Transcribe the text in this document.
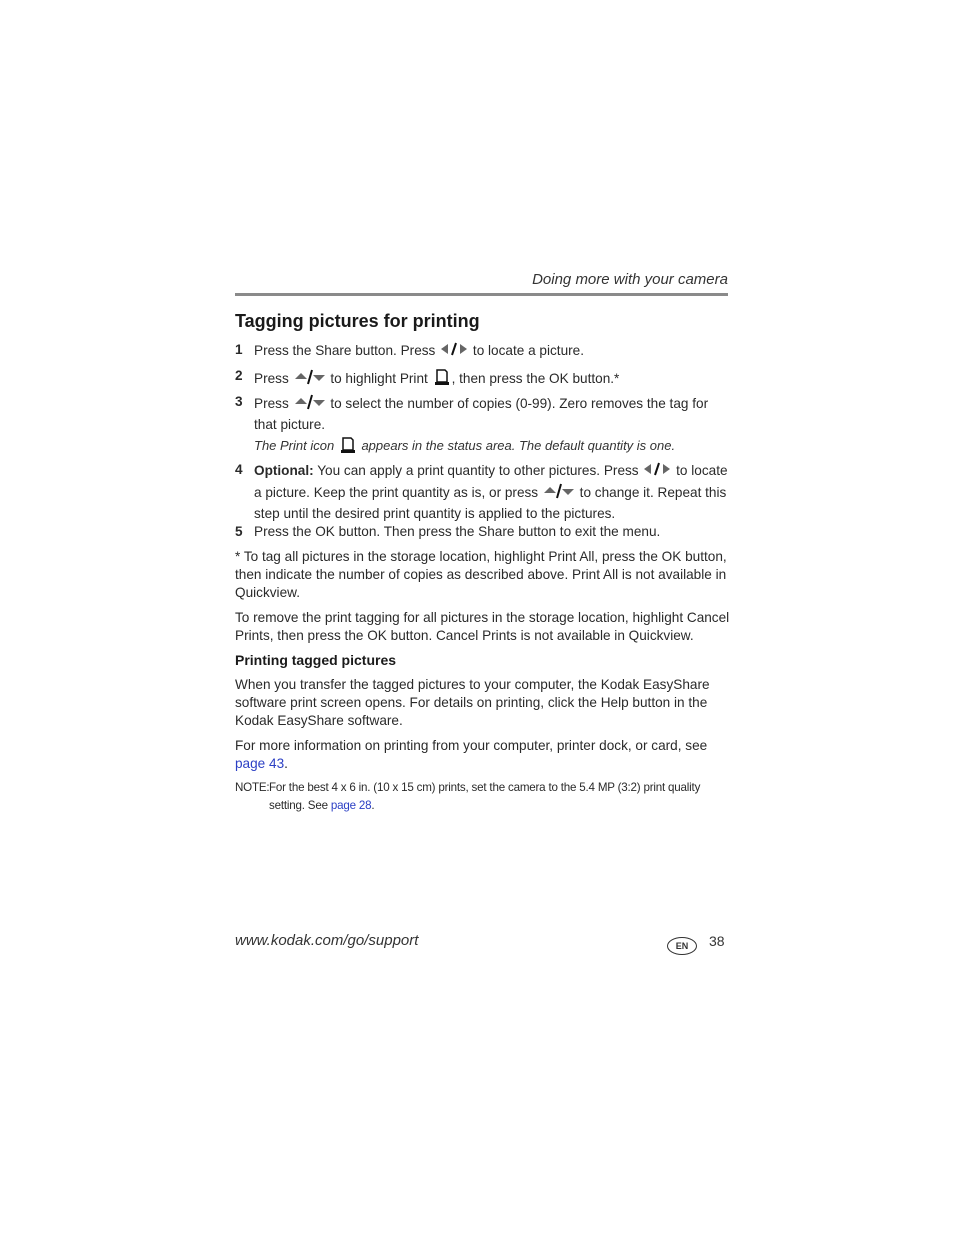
Doing more with your camera
Tagging pictures for printing
1 Press the Share button. Press	to locate a picture.
2 Press	to highlight Print , then press the OK button.*
3 Press	to select the number of copies (0-99). Zero removes the tag for that picture.
The Print icon appears in the status area. The default quantity is one.
4 Optional: You can apply a print quantity to other pictures. Press	to locate a picture. Keep the print quantity as is, or press	to change it. Repeat this step until the desired print quantity is applied to the pictures.
5 Press the OK button. Then press the Share button to exit the menu.
* To tag all pictures in the storage location, highlight Print All, press the OK button, then indicate the number of copies as described above. Print All is not available in Quickview.
To remove the print tagging for all pictures in the storage location, highlight Cancel Prints, then press the OK button. Cancel Prints is not available in Quickview.
Printing tagged pictures
When you transfer the tagged pictures to your computer, the Kodak EasyShare software print screen opens. For details on printing, click the Help button in the Kodak EasyShare software.
For more information on printing from your computer, printer dock, or card, see page 43.
NOTE: For the best 4 x 6 in. (10 x 15 cm) prints, set the camera to the 5.4 MP (3:2) print quality setting. See page 28.
www.kodak.com/go/support	EN	38
